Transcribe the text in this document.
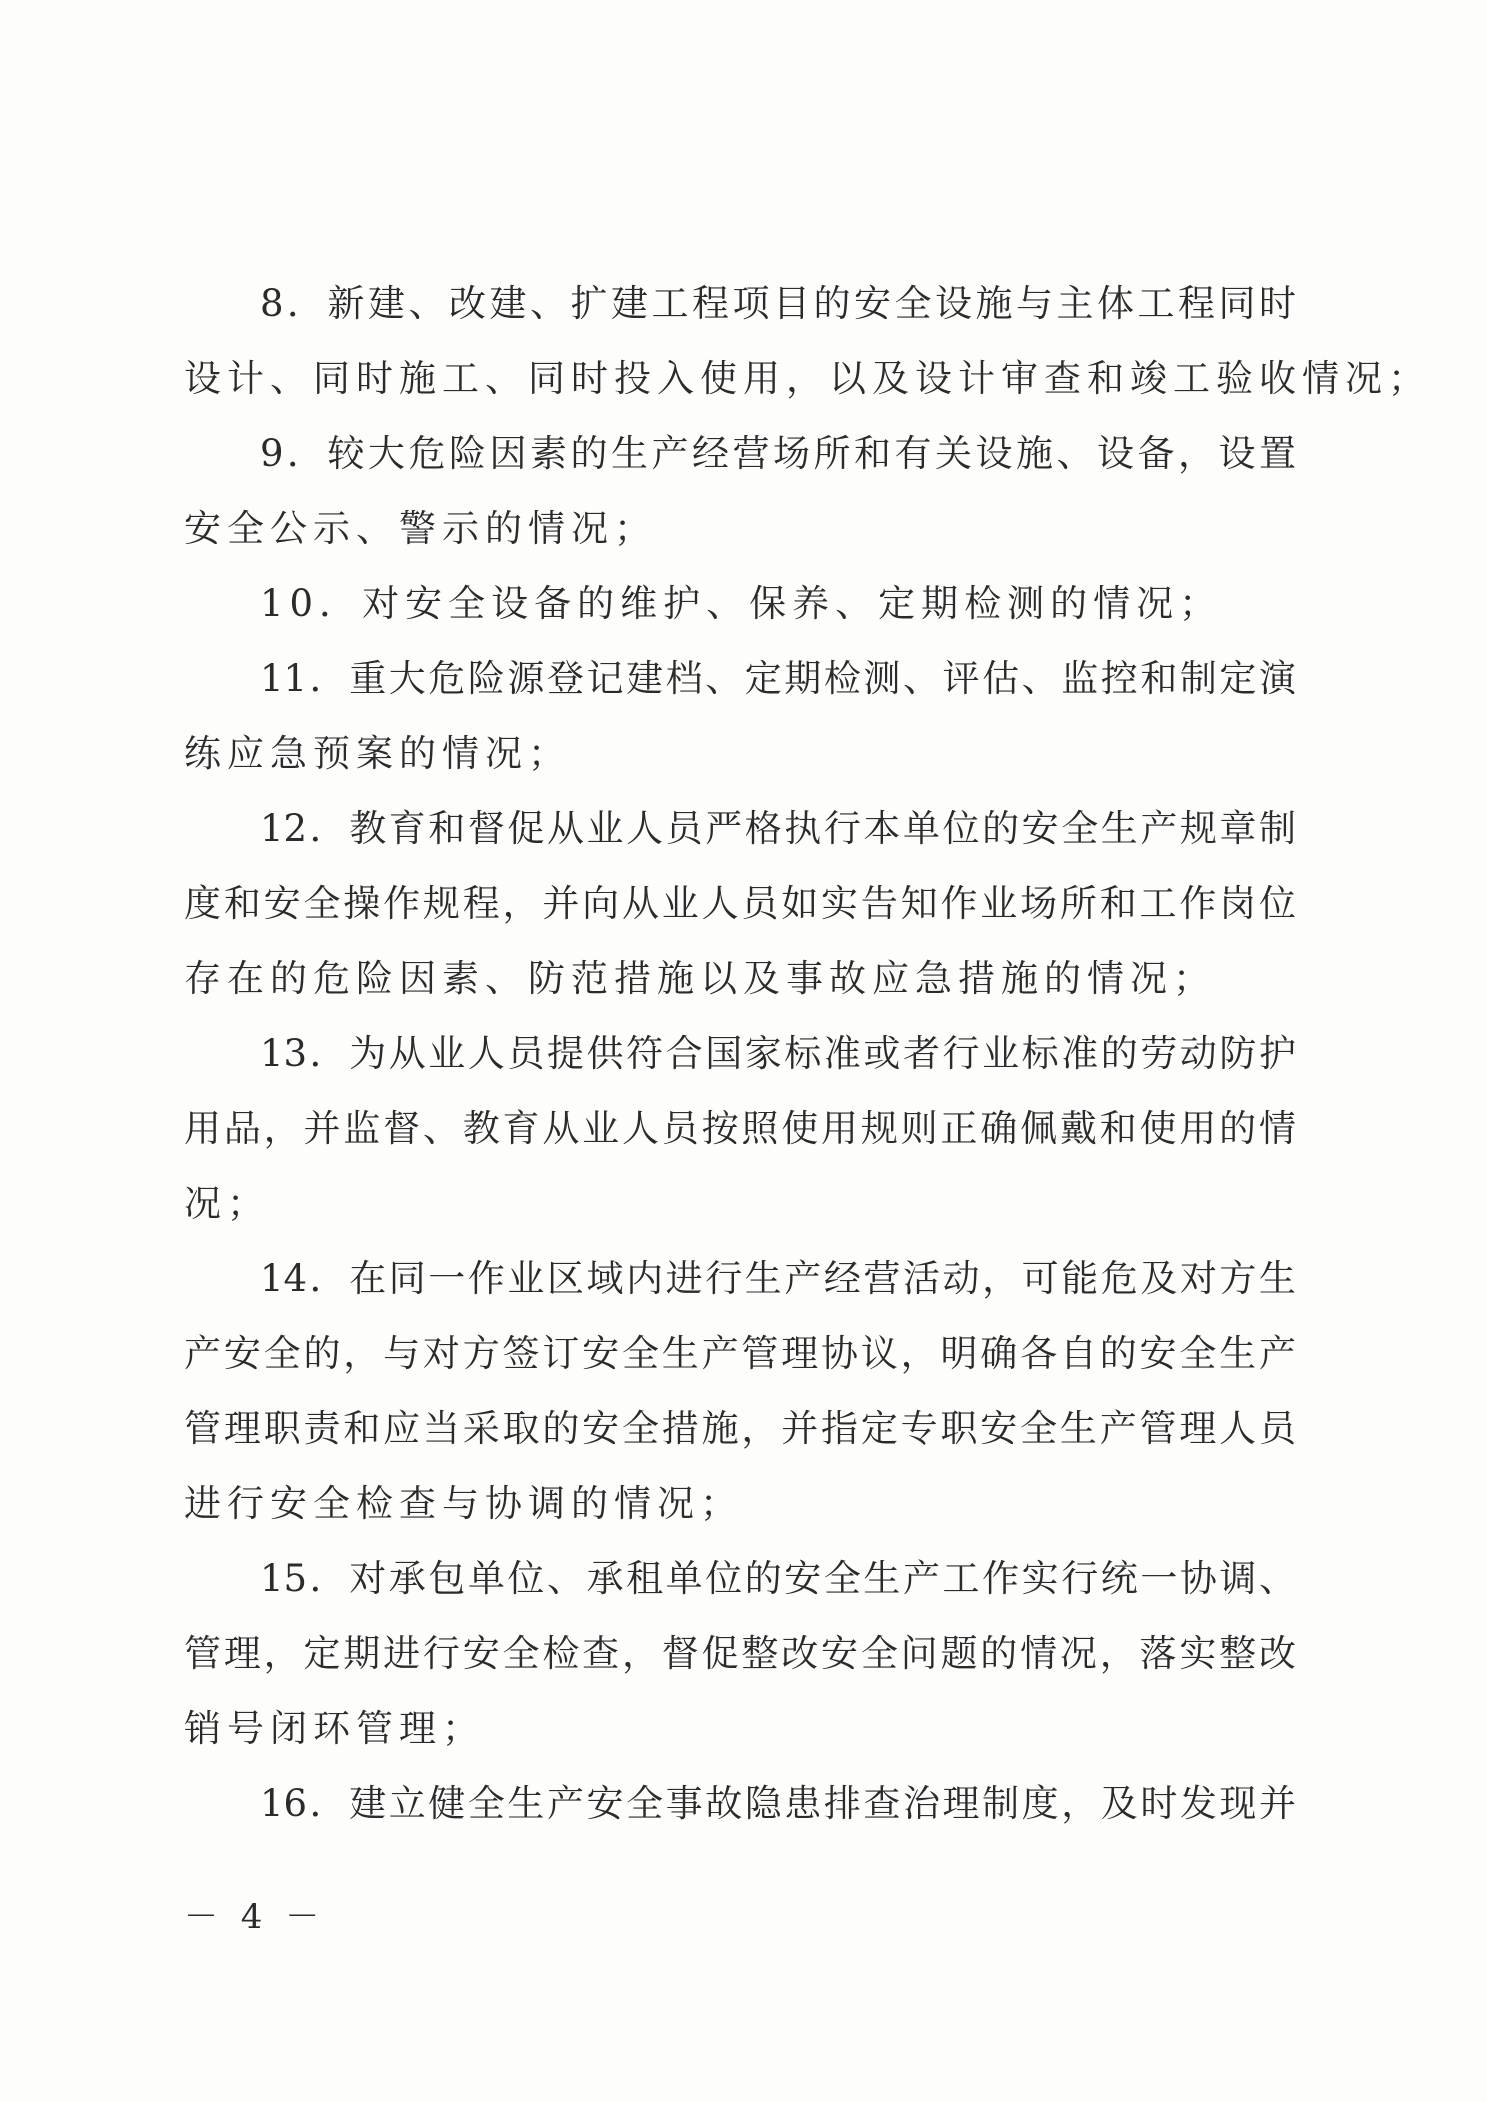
8．新建、改建、扩建工程项目的安全设施与主体工程同时
设计、同时施工、同时投入使用，以及设计审查和竣工验收情况；
9．较大危险因素的生产经营场所和有关设施、设备，设置
安全公示、警示的情况；
10．对安全设备的维护、保养、定期检测的情况；
11．重大危险源登记建档、定期检测、评估、监控和制定演
练应急预案的情况；
12．教育和督促从业人员严格执行本单位的安全生产规章制
度和安全操作规程，并向从业人员如实告知作业场所和工作岗位
存在的危险因素、防范措施以及事故应急措施的情况；
13．为从业人员提供符合国家标准或者行业标准的劳动防护
用品，并监督、教育从业人员按照使用规则正确佩戴和使用的情
况；
14．在同一作业区域内进行生产经营活动，可能危及对方生
产安全的，与对方签订安全生产管理协议，明确各自的安全生产
管理职责和应当采取的安全措施，并指定专职安全生产管理人员
进行安全检查与协调的情况；
15．对承包单位、承租单位的安全生产工作实行统一协调、
管理，定期进行安全检查，督促整改安全问题的情况，落实整改
销号闭环管理；
16．建立健全生产安全事故隐患排查治理制度，及时发现并
－ 4 －
